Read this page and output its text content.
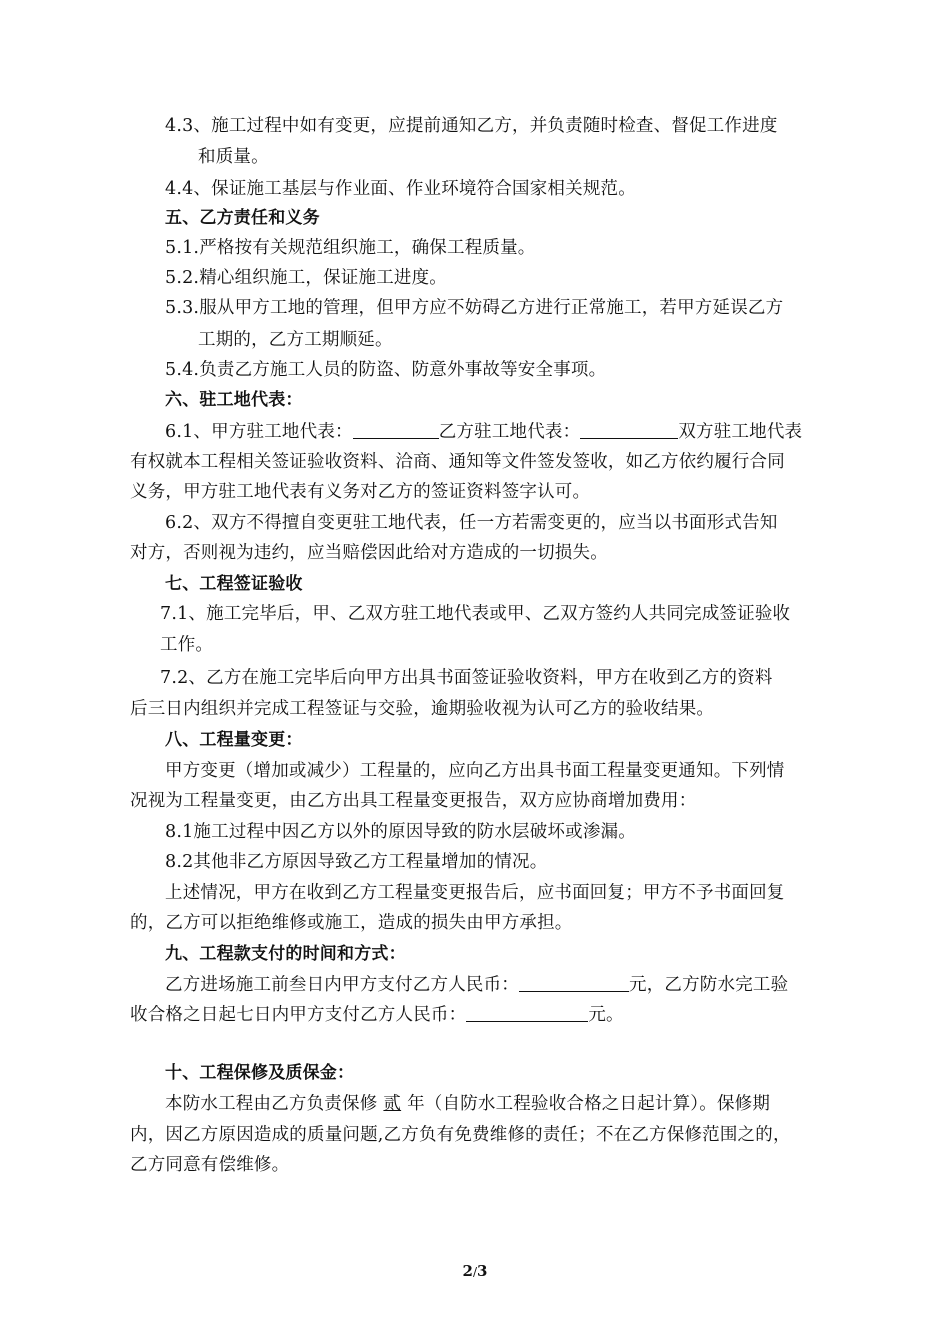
4.3、施工过程中如有变更，应提前通知乙方，并负责随时检查、督促工作进度
和质量。
4.4、保证施工基层与作业面、作业环境符合国家相关规范。
五、乙方责任和义务
5.1.严格按有关规范组织施工，确保工程质量。
5.2.精心组织施工，保证施工进度。
5.3.服从甲方工地的管理，但甲方应不妨碍乙方进行正常施工，若甲方延误乙方
工期的，乙方工期顺延。
5.4.负责乙方施工人员的防盗、防意外事故等安全事项。
六、驻工地代表：
6.1、甲方驻工地代表：	乙方驻工地代表：	双方驻工地代表
有权就本工程相关签证验收资料、洽商、通知等文件签发签收，如乙方依约履行合同
义务，甲方驻工地代表有义务对乙方的签证资料签字认可。
6.2、双方不得擅自变更驻工地代表，任一方若需变更的，应当以书面形式告知
对方，否则视为违约，应当赔偿因此给对方造成的一切损失。
七、工程签证验收
7.1、施工完毕后，甲、乙双方驻工地代表或甲、乙双方签约人共同完成签证验收
工作。
7.2、乙方在施工完毕后向甲方出具书面签证验收资料，甲方在收到乙方的资料
后三日内组织并完成工程签证与交验，逾期验收视为认可乙方的验收结果。
八、工程量变更：
甲方变更（增加或减少）工程量的，应向乙方出具书面工程量变更通知。下列情
况视为工程量变更，由乙方出具工程量变更报告，双方应协商增加费用：
8.1施工过程中因乙方以外的原因导致的防水层破坏或渗漏。
8.2其他非乙方原因导致乙方工程量增加的情况。
上述情况，甲方在收到乙方工程量变更报告后，应书面回复；甲方不予书面回复
的，乙方可以拒绝维修或施工，造成的损失由甲方承担。
九、工程款支付的时间和方式：
乙方进场施工前叁日内甲方支付乙方人民币：	元，乙方防水完工验
收合格之日起七日内甲方支付乙方人民币：	元。
十、工程保修及质保金：
本防水工程由乙方负责保修 贰 年（自防水工程验收合格之日起计算）。保修期
内，因乙方原因造成的质量问题,乙方负有免费维修的责任；不在乙方保修范围之的，
乙方同意有偿维修。
2/3
